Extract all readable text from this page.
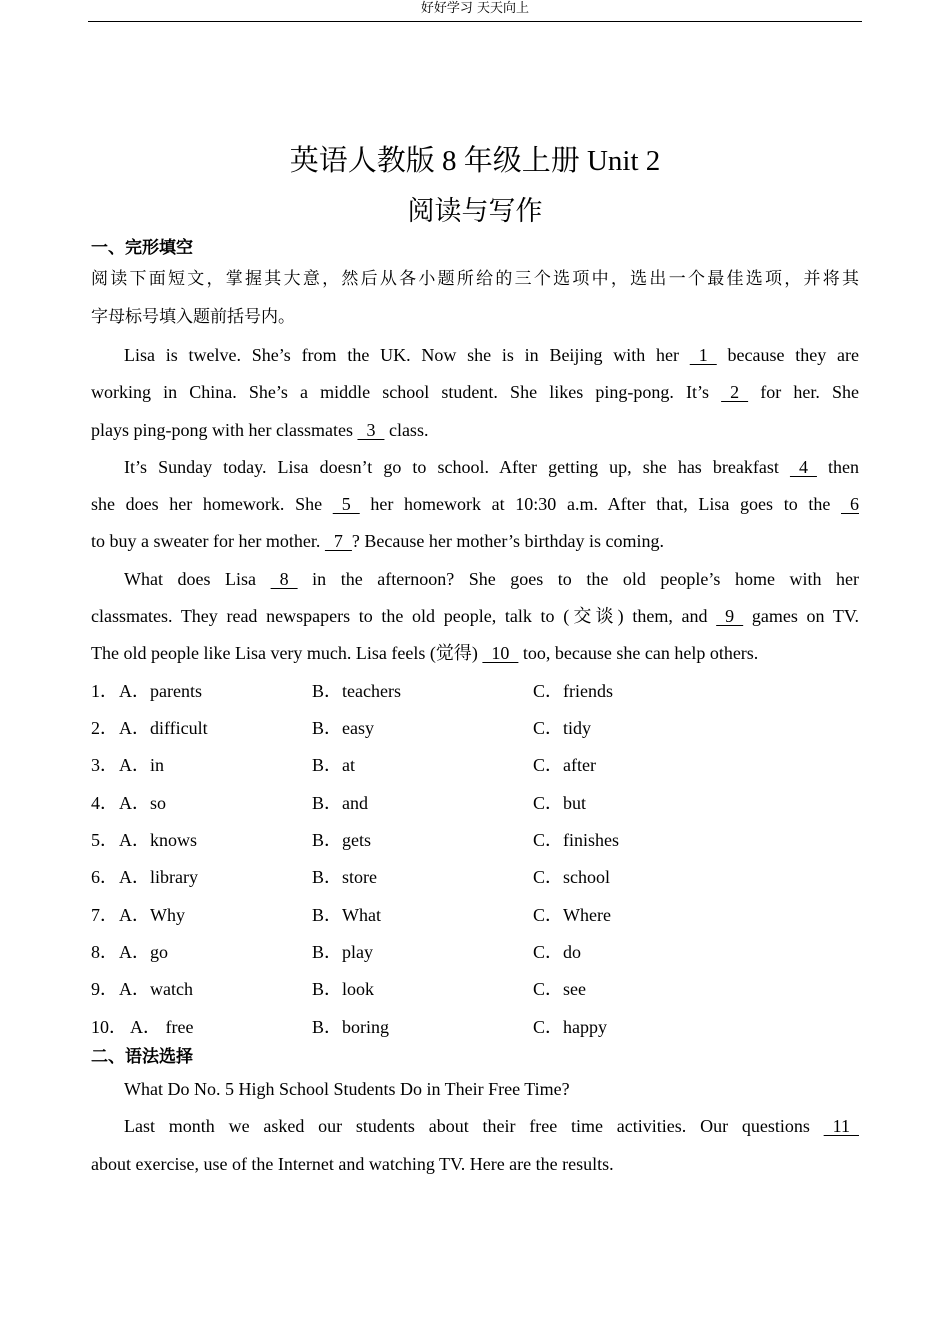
好好学习 天天向上
英语人教版 8 年级上册 Unit 2
阅读与写作
一、完形填空
阅读下面短文，掌握其大意，然后从各小题所给的三个选项中，选出一个最佳选项，并将其
字母标号填入题前括号内。
Lisa is twelve. She’s from the UK. Now she is in Beijing with her   1   because they are
working in China. She’s a middle school student. She likes ping-pong. It’s   2   for her. She
plays ping-pong with her classmates   3   class.
It’s Sunday today. Lisa doesn’t go to school. After getting up, she has breakfast   4   then
she does her homework. She   5   her homework at 10:30 a.m. After that, Lisa goes to the   6
to buy a sweater for her mother.   7  ? Because her mother’s birthday is coming.
What does Lisa   8   in the afternoon? She goes to the old people’s home with her
classmates. They read newspapers to the old people, talk to (交谈) them, and   9   games on TV.
The old people like Lisa very much. Lisa feels (觉得)   10   too, because she can help others.
1． A．parents	B．teachers	C．friends
2． A．difficult	B．easy	C．tidy
3． A．in	B．at	C．after
4． A．so	B．and	C．but
5． A．knows	B．gets	C．finishes
6． A．library	B．store	C．school
7． A．Why	B．What	C．Where
8． A．go	B．play	C．do
9． A．watch	B．look	C．see
10． A． free	B．boring	C．happy
二、语法选择
What Do No. 5 High School Students Do in Their Free Time?
Last month we asked our students about their free time activities. Our questions   11
about exercise, use of the Internet and watching TV. Here are the results.
